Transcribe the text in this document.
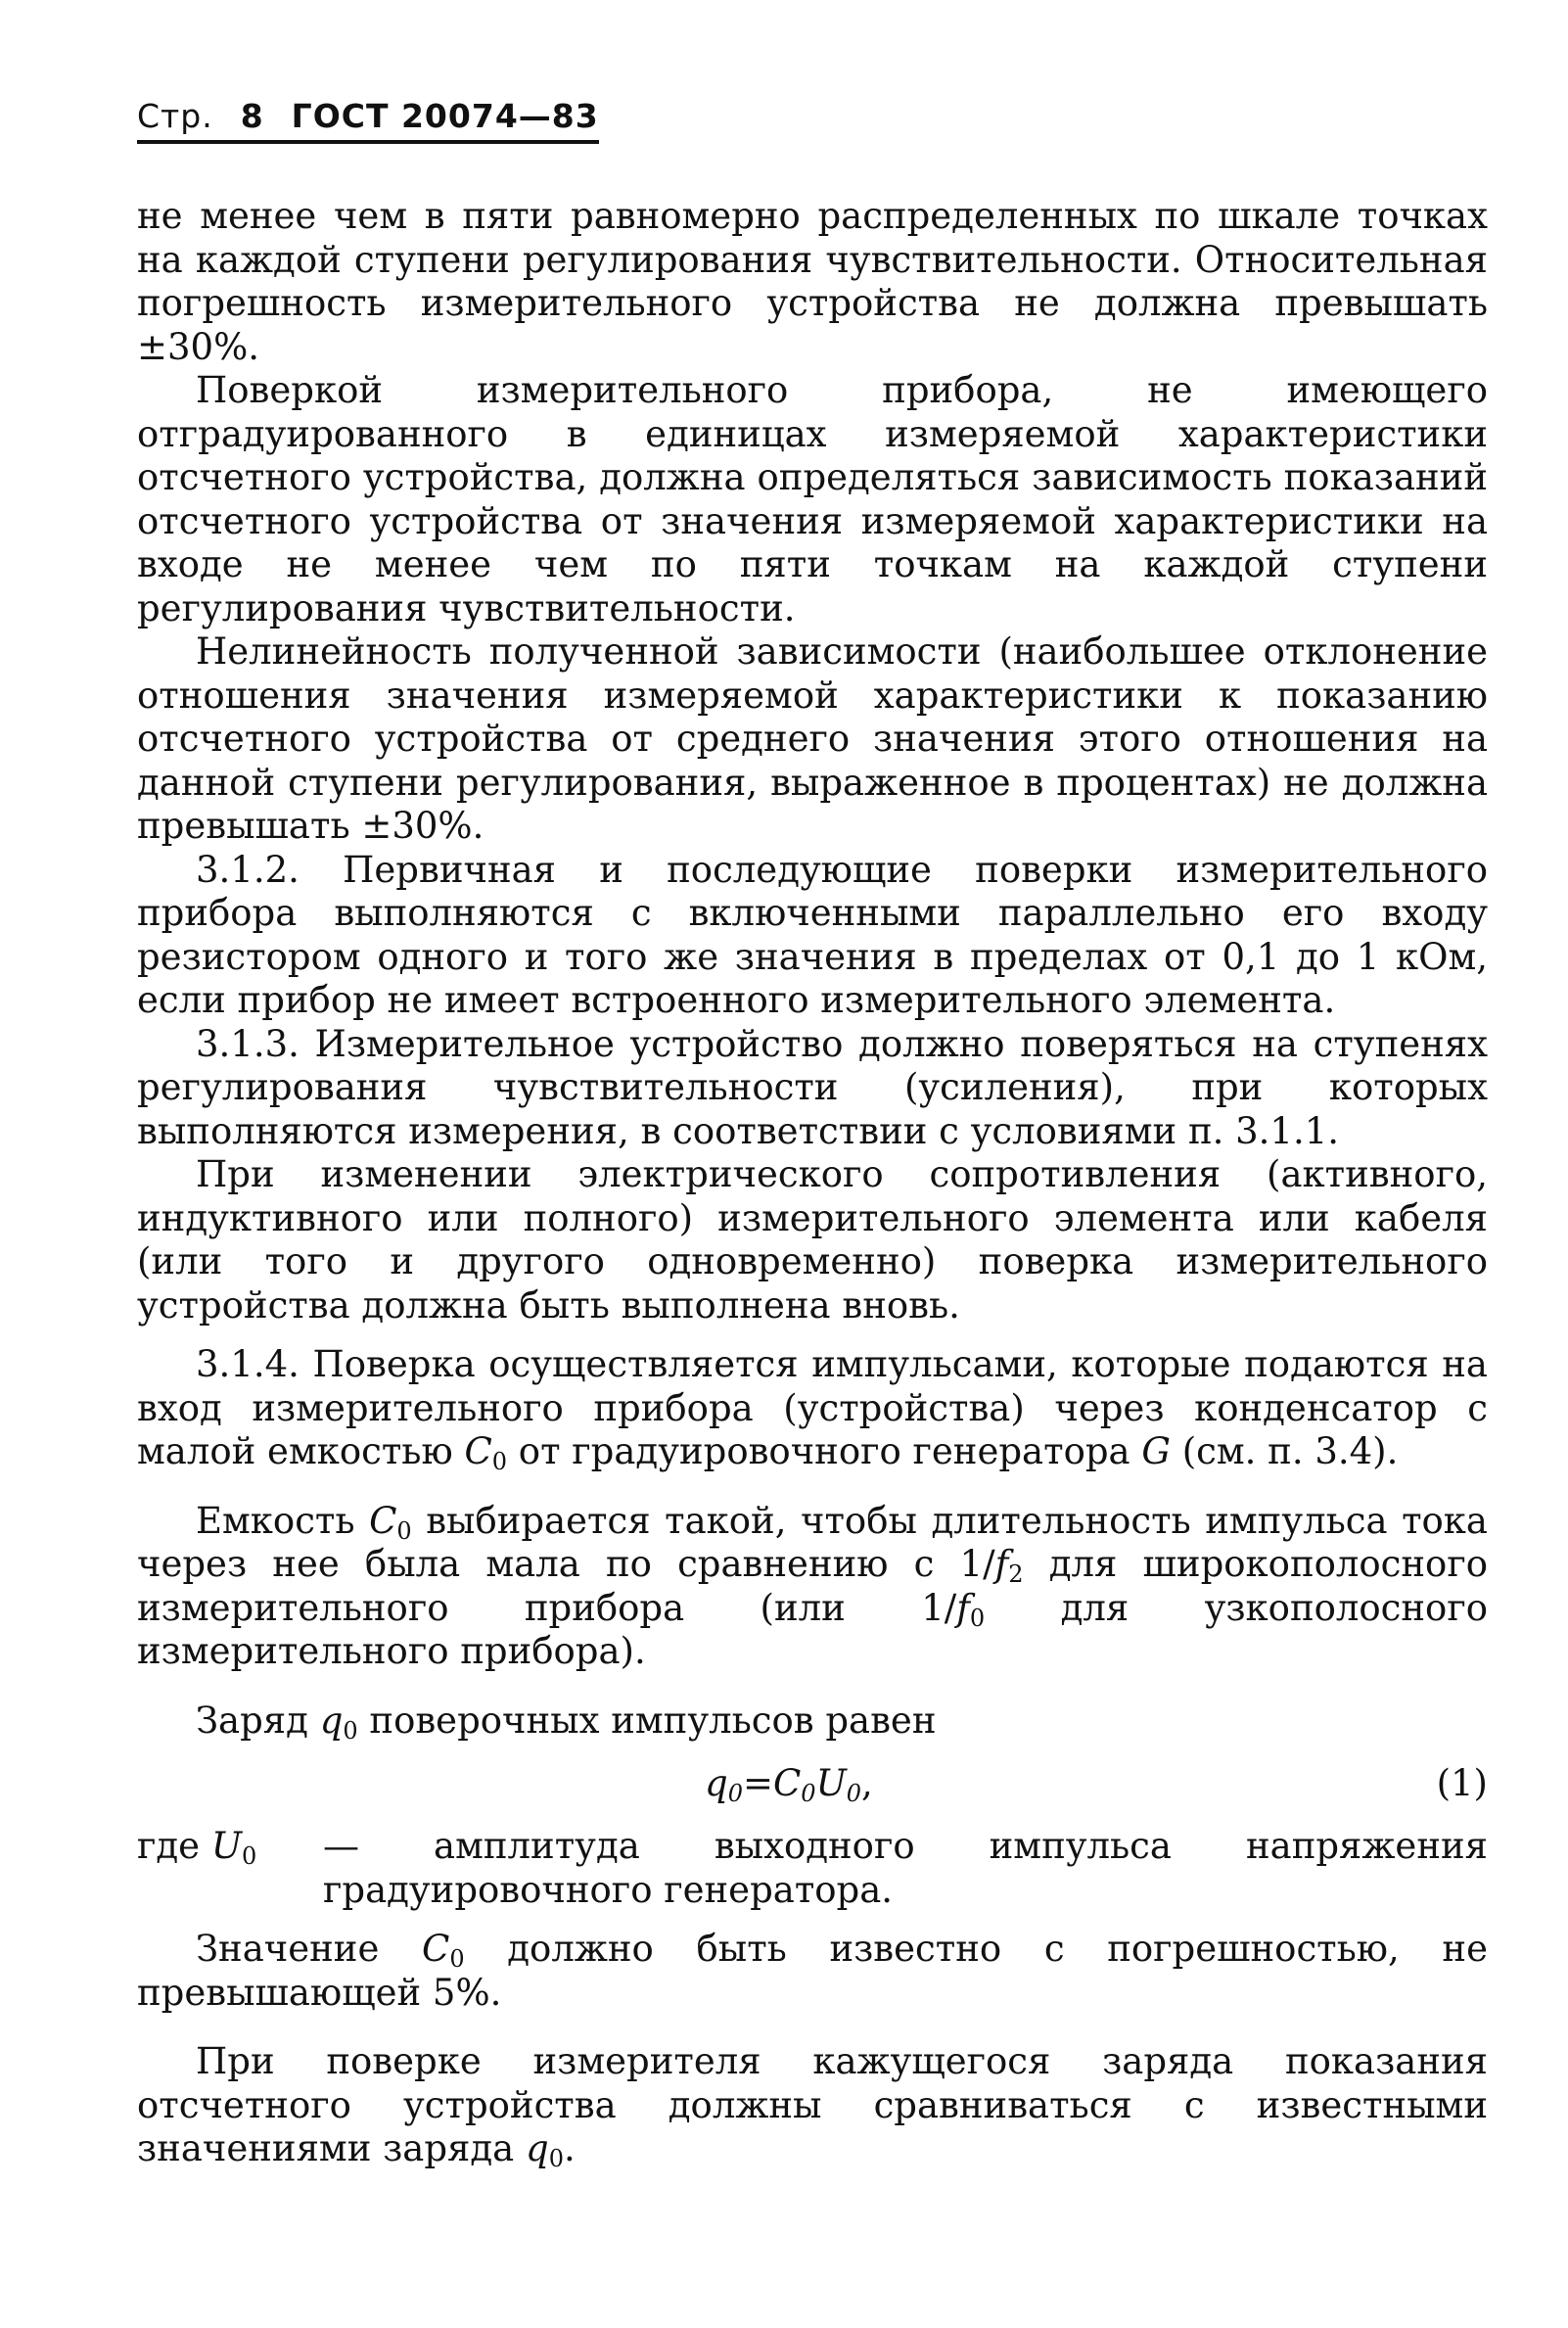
Стр. 8 ГОСТ 20074—83

не менее чем в пяти равномерно распределенных по шкале точках на каждой ступени регулирования чувствительности. Относительная погрешность измерительного устройства не должна превышать ±30%.

Поверкой измерительного прибора, не имеющего отградуированного в единицах измеряемой характеристики отсчетного устройства, должна определяться зависимость показаний отсчетного устройства от значения измеряемой характеристики на входе не менее чем по пяти точкам на каждой ступени регулирования чувствительности.

Нелинейность полученной зависимости (наибольшее отклонение отношения значения измеряемой характеристики к показанию отсчетного устройства от среднего значения этого отношения на данной ступени регулирования, выраженное в процентах) не должна превышать ±30%.

3.1.2. Первичная и последующие поверки измерительного прибора выполняются с включенными параллельно его входу резистором одного и того же значения в пределах от 0,1 до 1 кОм, если прибор не имеет встроенного измерительного элемента.

3.1.3. Измерительное устройство должно поверяться на ступенях регулирования чувствительности (усиления), при которых выполняются измерения, в соответствии с условиями п. 3.1.1.

При изменении электрического сопротивления (активного, индуктивного или полного) измерительного элемента или кабеля (или того и другого одновременно) поверка измерительного устройства должна быть выполнена вновь.

3.1.4. Поверка осуществляется импульсами, которые подаются на вход измерительного прибора (устройства) через конденсатор с малой емкостью $C_0$ от градуировочного генератора G (см. п. 3.4).

Емкость $C_0$ выбирается такой, чтобы длительность импульса тока через нее была мала по сравнению с $1/f_2$ для широкополосного измерительного прибора (или $1/f_0$ для узкополосного измерительного прибора).

Заряд $q_0$ поверочных импульсов равен

$q_0=C_0U_0$,	(1)

где $U_0$ — амплитуда выходного импульса напряжения градуировочного генератора.

Значение $C_0$ должно быть известно с погрешностью, не превышающей 5%.

При поверке измерителя кажущегося заряда показания отсчетного устройства должны сравниваться с известными значениями заряда $q_0$.
